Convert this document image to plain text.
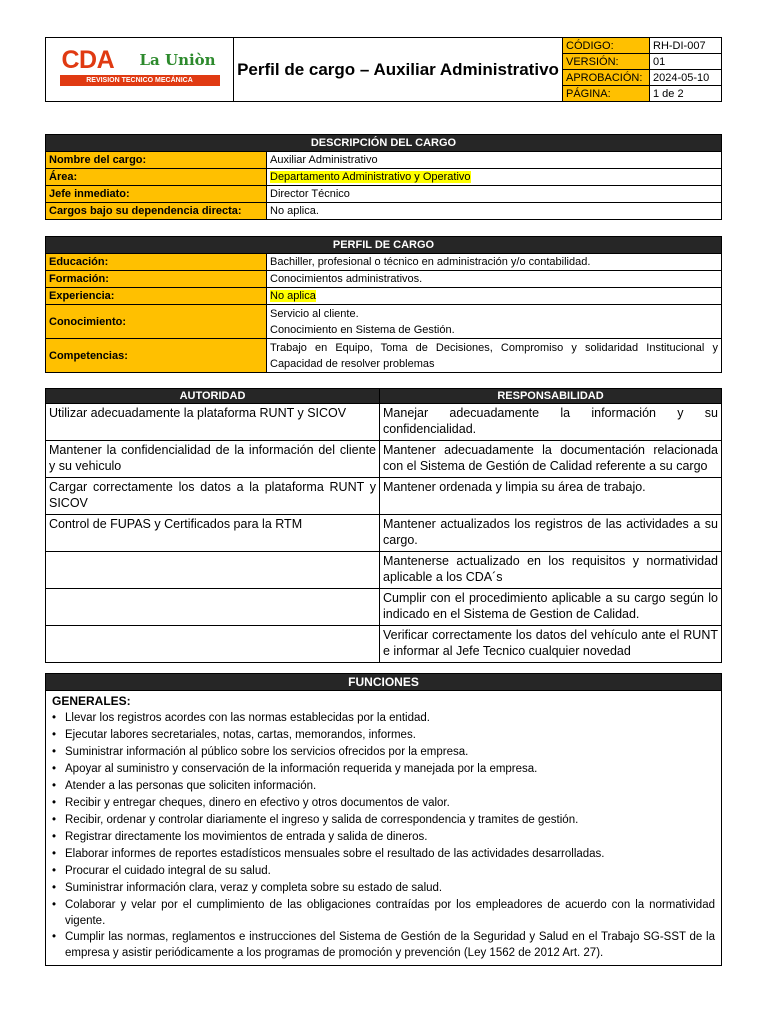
CDA La Uniòn
REVISION TECNICO MECÁNICA	Perfil de cargo – Auxiliar Administrativo	CÓDIGO:	RH-DI-007
		VERSIÓN:	01
		APROBACIÓN:	2024-05-10
		PÁGINA:	1 de 2
DESCRIPCIÓN DEL CARGO	
Nombre del cargo:	Auxiliar Administrativo
Área:	Departamento Administrativo y Operativo
Jefe inmediato:	Director Técnico
Cargos bajo su dependencia directa:	No aplica.
PERFIL DE CARGO	
Educación:	Bachiller, profesional o técnico en administración y/o contabilidad.
Formación:	Conocimientos administrativos.
Experiencia:	No aplica
Conocimiento:	Servicio al cliente.
Conocimiento en Sistema de Gestión.

Competencias:	Trabajo en Equipo, Toma de Decisiones, Compromiso y solidaridad Institucional y Capacidad de resolver problemas
AUTORIDAD	RESPONSABILIDAD
Utilizar adecuadamente la plataforma RUNT y SICOV	Manejar adecuadamente la información y su confidencialidad.
Mantener la confidencialidad de la información del cliente y su vehiculo	Mantener adecuadamente la documentación relacionada con el Sistema de Gestión de Calidad referente a su cargo
Cargar correctamente los datos a la plataforma RUNT y SICOV	Mantener ordenada y limpia su área de trabajo.
Control de FUPAS y Certificados para la RTM	Mantener actualizados los registros de las actividades a su cargo.
	Mantenerse actualizado en los requisitos y normatividad aplicable a los CDA´s
	Cumplir con el procedimiento aplicable a su cargo según lo indicado en el Sistema de Gestion de Calidad.
	Verificar correctamente los datos del vehículo ante el RUNT e informar al Jefe Tecnico cualquier novedad
FUNCIONES
GENERALES:
• Llevar los registros acordes con las normas establecidas por la entidad.
• Ejecutar labores secretariales, notas, cartas, memorandos, informes.
• Suministrar información al público sobre los servicios ofrecidos por la empresa.
• Apoyar al suministro y conservación de la información requerida y manejada por la empresa.
• Atender a las personas que soliciten información.
• Recibir y entregar cheques, dinero en efectivo y otros documentos de valor.
• Recibir, ordenar y controlar diariamente el ingreso y salida de correspondencia y tramites de gestión.
• Registrar directamente los movimientos de entrada y salida de dineros.
• Elaborar informes de reportes estadísticos mensuales sobre el resultado de las actividades desarrolladas.
• Procurar el cuidado integral de su salud.
• Suministrar información clara, veraz y completa sobre su estado de salud.
• Colaborar y velar por el cumplimiento de las obligaciones contraídas por los empleadores de acuerdo con la normatividad vigente.
• Cumplir las normas, reglamentos e instrucciones del Sistema de Gestión de la Seguridad y Salud en el Trabajo SG-SST de la empresa y asistir periódicamente a los programas de promoción y prevención (Ley 1562 de 2012 Art. 27).
